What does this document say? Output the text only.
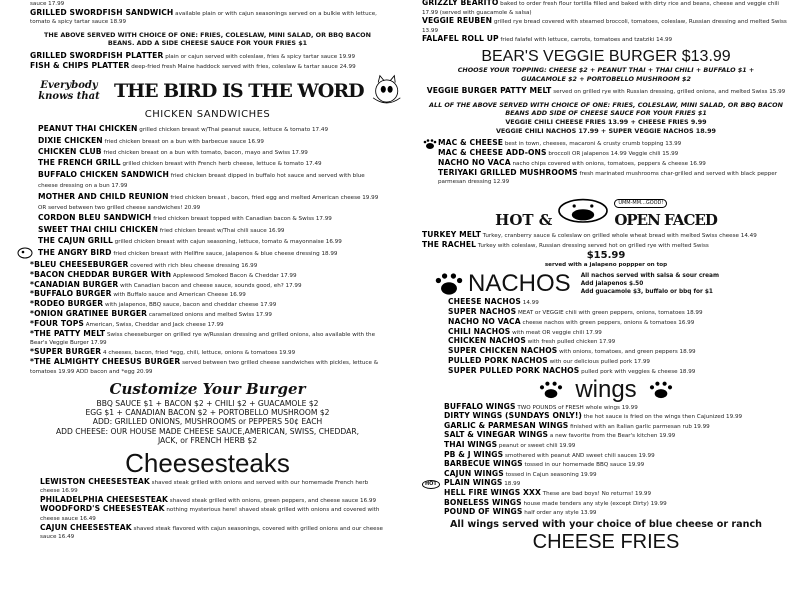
sauce 17.99
GRILLED SWORDFISH SANDWICH available plain or with cajun seasonings served on a bulkie with lettuce, tomato & spicy tartar sauce 18.99
THE ABOVE SERVED WITH CHOICE OF ONE: FRIES, COLESLAW, MINI SALAD, OR BBQ BACON BEANS. ADD A SIDE CHEESE SAUCE FOR YOUR FRIES $1
GRILLED SWORDFISH PLATTER plain or cajun served with coleslaw, fries & spicy tartar sauce 19.99
FISH & CHIPS PLATTER deep-fried fresh Maine haddock served with fries, coleslaw & tartar sauce 24.99
Everybody knows that THE BIRD IS THE WORD
CHICKEN SANDWICHES
PEANUT THAI CHICKEN grilled chicken breast w/Thai peanut sauce, lettuce & tomato 17.49
DIXIE CHICKEN fried chicken breast on a bun with barbecue sauce 16.99
CHICKEN CLUB fried chicken breast on a bun with tomato, bacon, mayo and Swiss 17.99
THE FRENCH GRILL grilled chicken breast with French herb cheese, lettuce & tomato 17.49
BUFFALO CHICKEN SANDWICH fried chicken breast dipped in buffalo hot sauce and served with blue cheese dressing on a bun 17.99
MOTHER AND CHILD REUNION fried chicken breast , bacon, fried egg and melted American cheese 19.99 OR served between two grilled cheese sandwiches! 20.99
CORDON BLEU SANDWICH fried chicken breast topped with Canadian bacon & Swiss 17.99
SWEET THAI CHILI CHICKEN fried chicken breast w/Thai chili sauce 16.99
THE CAJUN GRILL grilled chicken breast with cajun seasoning, lettuce, tomato & mayonnaise 16.99
THE ANGRY BIRD fried chicken breast with Hellfire sauce, jalapenos & blue cheese dressing 18.99
*BLEU CHEESEBURGER covered with rich bleu cheese dressing 16.99
*BACON CHEDDAR BURGER With Applewood Smoked Bacon & Cheddar 17.99
*CANADIAN BURGER with Canadian bacon and cheese sauce, sounds good, eh? 17.99
*BUFFALO BURGER with Buffalo sauce and American Cheese 16.99
*RODEO BURGER with jalapenos, BBQ sauce, bacon and cheddar cheese 17.99
*ONION GRATINEE BURGER caramelized onions and melted Swiss 17.99
*FOUR TOPS American, Swiss, Cheddar and Jack cheese 17.99
*THE PATTY MELT Swiss cheeseburger on grilled rye w/Russian dressing and grilled onions, also available with the Bear's Veggie Burger 17.99
*SUPER BURGER 4 cheeses, bacon, fried *egg, chili, lettuce, onions & tomatoes 19.99
*THE ALMIGHTY CHEESUS BURGER served between two grilled cheese sandwiches with pickles, lettuce & tomatoes 19.99 ADD bacon and *egg 20.99
Customize Your Burger
BBQ SAUCE $1 + BACON $2 + CHILI $2 + GUACAMOLE $2
EGG $1 + CANADIAN BACON $2 + PORTOBELLO MUSHROOM $2
ADD: GRILLED ONIONS, MUSHROOMS or PEPPERS 50¢ EACH
ADD CHEESE: OUR HOUSE MADE CHEESE SAUCE,AMERICAN, SWISS, CHEDDAR, JACK, or FRENCH HERB $2
Cheesesteaks
LEWISTON CHEESESTEAK shaved steak grilled with onions and served with our homemade French herb cheese 16.99
PHILADELPHIA CHEESESTEAK shaved steak grilled with onions, green peppers, and cheese sauce 16.99
WOODFORD'S CHEESESTEAK nothing mysterious here! shaved steak grilled with onions and covered with cheese sauce 16.49
CAJUN CHEESESTEAK shaved steak flavored with cajun seasonings, covered with grilled onions and our cheese sauce 16.49
GRIZZLY BEARITO baked to order fresh flour tortilla filled and baked with dirty rice and beans, cheese and veggie chili 17.99 (served with guacamole & salsa)
VEGGIE REUBEN grilled rye bread covered with steamed broccoli, tomatoes, coleslaw, Russian dressing and melted Swiss 13.99
FALAFEL ROLL UP fried falafel with lettuce, carrots, tomatoes and tzatziki 14.99
BEAR'S VEGGIE BURGER $13.99
CHOOSE YOUR TOPPING: CHEESE $2 + PEANUT THAI + THAI CHILI + BUFFALO $1 + GUACAMOLE $2 + PORTOBELLO MUSHROOM $2
VEGGIE BURGER PATTY MELT served on grilled rye with Russian dressing, grilled onions, and melted Swiss 15.99
ALL OF THE ABOVE SERVED WITH CHOICE OF ONE: FRIES, COLESLAW, MINI SALAD, OR BBQ BACON BEANS ADD SIDE OF CHEESE SAUCE FOR YOUR FRIES $1
VEGGIE CHILI CHEESE FRIES 13.99 + CHEESE FRIES 9.99
VEGGIE CHILI NACHOS 17.99 + SUPER VEGGIE NACHOS 18.99
MAC & CHEESE best in town, cheeses, macaroni & crusty crumb topping 13.99
MAC & CHEESE ADD-ONS broccoli OR jalapenos 14.99 Veggie chili 15.99
NACHO NO VACA nacho chips covered with onions, tomatoes, peppers & cheese 16.99
TERIYAKI GRILLED MUSHROOMS fresh marinated mushrooms char-grilled and served with black pepper parmesan dressing 12.99
HOT &
UMM-MM...GOOD!
OPEN FACED
TURKEY MELT Turkey, cranberry sauce & coleslaw on grilled whole wheat bread with melted Swiss cheese 14.49
THE RACHEL Turkey with coleslaw, Russian dressing served hot on grilled rye with melted Swiss
$15.99
served with a jalapeno poppper on top
NACHOS All nachos served with salsa & sour cream
Add jalapenos $.50
Add guacamole $3, buffalo or bbq for $1
CHEESE NACHOS 14.99
SUPER NACHOS MEAT or VEGGIE chili with green peppers, onions, tomatoes 18.99
NACHO NO VACA cheese nachos with green peppers, onions & tomatoes 16.99
CHILI NACHOS with meat OR veggie chili 17.99
CHICKEN NACHOS with fresh pulled chicken 17.99
SUPER CHICKEN NACHOS with onions, tomatoes, and green peppers 18.99
PULLED PORK NACHOS with our delicious pulled pork 17.99
SUPER PULLED PORK NACHOS pulled pork with veggies & cheese 18.99
wings
HOT
BUFFALO WINGS TWO POUNDS of FRESH whole wings 19.99
DIRTY WINGS (SUNDAYS ONLY!) the hot sauce is fried on the wings then Cajunized 19.99
GARLIC & PARMESAN WINGS finished with an Italian garlic parmesan rub 19.99
SALT & VINEGAR WINGS a new favorite from the Bear's kitchen 19.99
THAI WINGS peanut or sweet chili 19.99
PB & J WINGS smothered with peanut AND sweet chili sauces 19.99
BARBECUE WINGS tossed in our homemade BBQ sauce 19.99
CAJUN WINGS tossed in Cajun seasoning 19.99
PLAIN WINGS 18.99
HELL FIRE WINGS XXX These are bad boys! No returns! 19.99
BONELESS WINGS house made tenders any style (except Dirty) 19.99
POUND OF WINGS half order any style 13.99
All wings served with your choice of blue cheese or ranch
CHEESE FRIES
